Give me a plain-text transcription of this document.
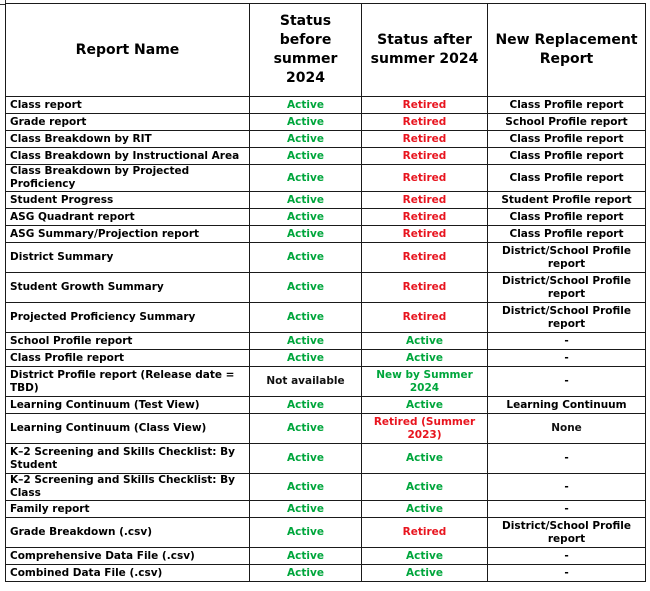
Report Name	Status before summer 2024	Status after summer 2024	New Replacement Report
Class report	Active	Retired	Class Profile report
Grade report	Active	Retired	School Profile report
Class Breakdown by RIT	Active	Retired	Class Profile report
Class Breakdown by Instructional Area	Active	Retired	Class Profile report
Class Breakdown by Projected Proficiency	Active	Retired	Class Profile report
Student Progress	Active	Retired	Student Profile report
ASG Quadrant report	Active	Retired	Class Profile report
ASG Summary/Projection report	Active	Retired	Class Profile report
District Summary	Active	Retired	District/School Profile report
Student Growth Summary	Active	Retired	District/School Profile report
Projected Proficiency Summary	Active	Retired	District/School Profile report
School Profile report	Active	Active	-
Class Profile report	Active	Active	-
District Profile report (Release date = TBD)	Not available	New by Summer 2024	-
Learning Continuum (Test View)	Active	Active	Learning Continuum
Learning Continuum (Class View)	Active	Retired (Summer 2023)	None
K–2 Screening and Skills Checklist: By Student	Active	Active	-
K–2 Screening and Skills Checklist: By Class	Active	Active	-
Family report	Active	Active	-
Grade Breakdown (.csv)	Active	Retired	District/School Profile report
Comprehensive Data File (.csv)	Active	Active	-
Combined Data File (.csv)	Active	Active	-
